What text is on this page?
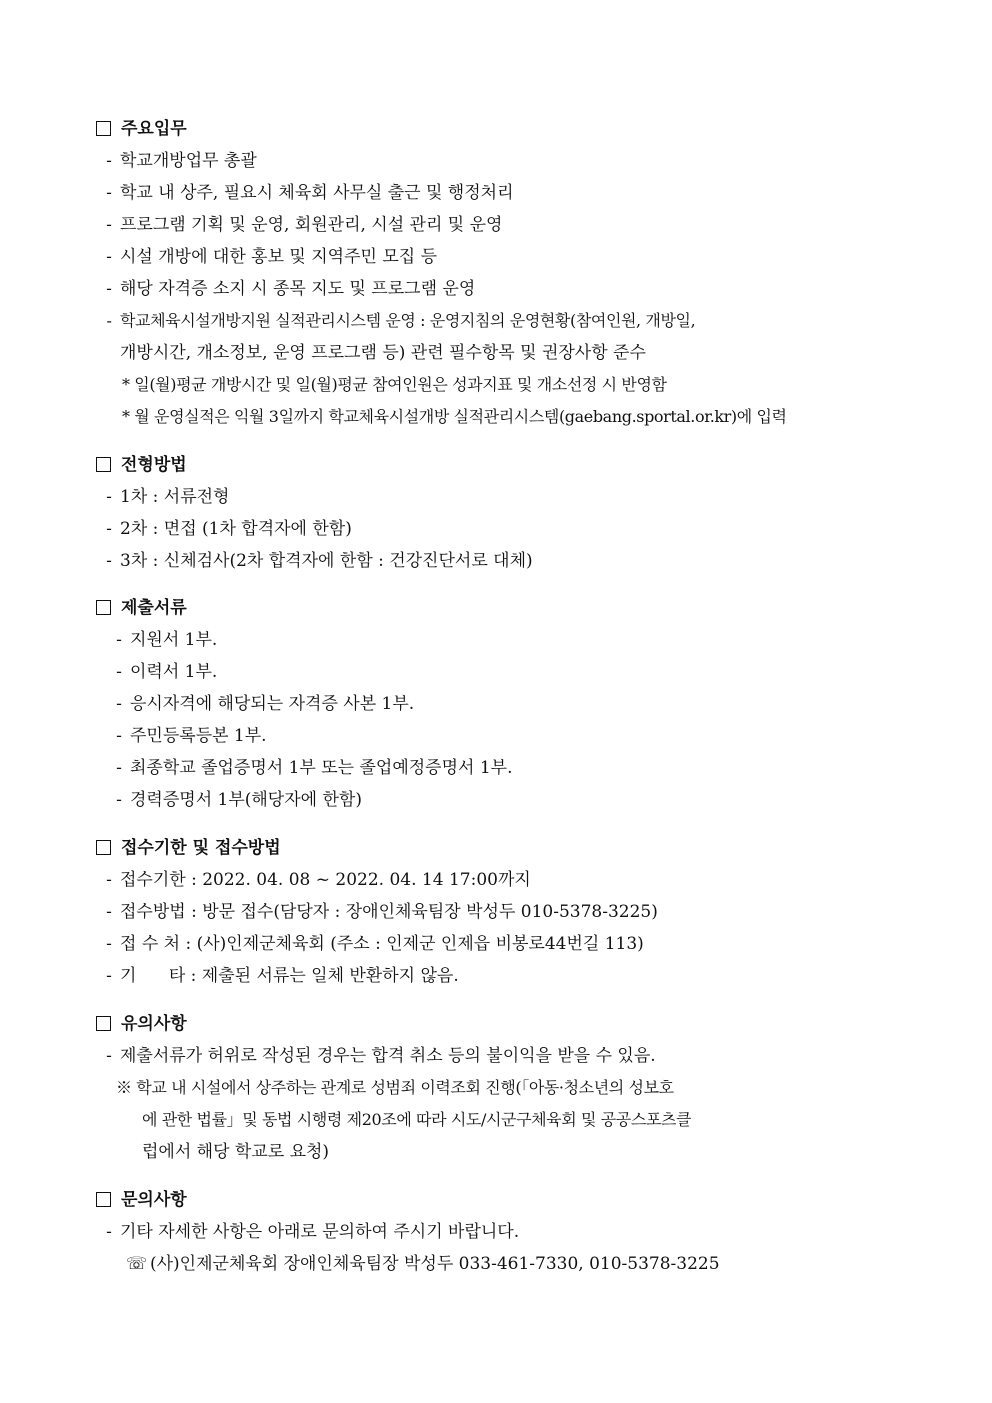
주요입무
- 학교개방업무 총괄
- 학교 내 상주, 필요시 체육회 사무실 출근 및 행정처리
- 프로그램 기획 및 운영, 회원관리, 시설 관리 및 운영
- 시설 개방에 대한 홍보 및 지역주민 모집 등
- 해당 자격증 소지 시 종목 지도 및 프로그램 운영
- 학교체육시설개방지원 실적관리시스템 운영 : 운영지침의 운영현황(참여인원, 개방일,
개방시간, 개소정보, 운영 프로그램 등) 관련 필수항목 및 권장사항 준수
* 일(월)평균 개방시간 및 일(월)평균 참여인원은 성과지표 및 개소선정 시 반영함
* 월 운영실적은 익월 3일까지 학교체육시설개방 실적관리시스템(gaebang.sportal.or.kr)에 입력
전형방법
- 1차 : 서류전형
- 2차 : 면접 (1차 합격자에 한함)
- 3차 : 신체검사(2차 합격자에 한함 : 건강진단서로 대체)
제출서류
- 지원서 1부.
- 이력서 1부.
- 응시자격에 해당되는 자격증 사본 1부.
- 주민등록등본 1부.
- 최종학교 졸업증명서 1부 또는 졸업예정증명서 1부.
- 경력증명서 1부(해당자에 한함)
접수기한 및 접수방법
- 접수기한 : 2022. 04. 08 ~ 2022. 04. 14 17:00까지
- 접수방법 : 방문 접수(담당자 : 장애인체육팀장 박성두 010-5378-3225)
- 접 수 처 : (사)인제군체육회 (주소 : 인제군 인제읍 비봉로44번길 113)
- 기      타 : 제출된 서류는 일체 반환하지 않음.
유의사항
- 제출서류가 허위로 작성된 경우는 합격 취소 등의 불이익을 받을 수 있음.
※ 학교 내 시설에서 상주하는 관계로 성범죄 이력조회 진행(「아동·청소년의 성보호
에 관한 법률」및 동법 시행령 제20조에 따라 시도/시군구체육회 및 공공스포츠클
럽에서 해당 학교로 요청)
문의사항
- 기타 자세한 사항은 아래로 문의하여 주시기 바랍니다.
☏ (사)인제군체육회 장애인체육팀장 박성두 033-461-7330, 010-5378-3225
